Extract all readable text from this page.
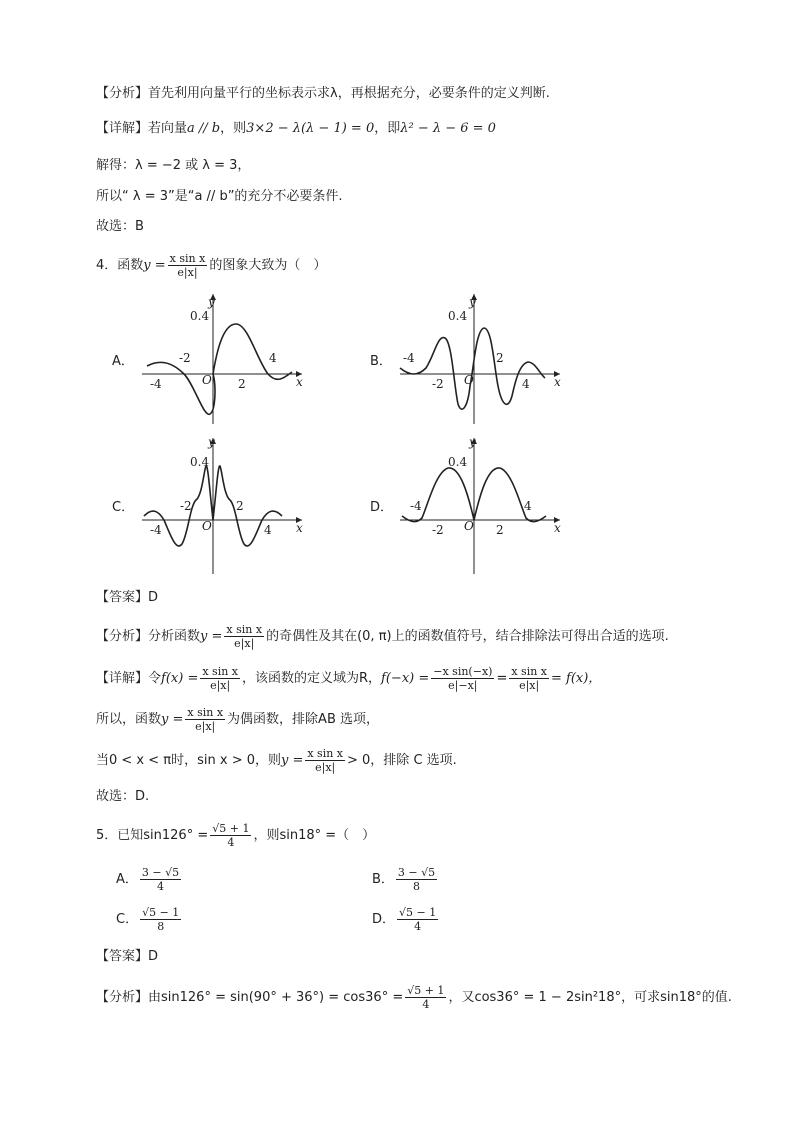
【分析】首先利用向量平行的坐标表示求λ，再根据充分，必要条件的定义判断.
【详解】若向量a // b，则3×2 − λ(λ − 1) = 0，即λ² − λ − 6 = 0
解得：λ = −2 或 λ = 3，
所以“ λ = 3”是“a // b”的充分不必要条件.
故选：B
4．函数$y = \frac{\text{x sin x}}{e|x|}$ 的图象大致为（　）
A．
y
x
O
0.4
-2	4
-4	2
B．
y
x
O
0.4
-4	2
-2	4
C．
y
x
O
0.4
-2	2
-4	4
D．
y
x
O
0.4
-4	4
-2	2
【答案】D
【分析】分析函数$y = \frac{\text{x sin x}}{e|x|}$ 的奇偶性及其在(0, π)上的函数值符号，结合排除法可得出合适的选项.
【详解】令$f(x) = \frac{\text{x sin x}}{e|x|}$ ，该函数的定义域为R，$f(-x) = \frac{\text{−x sin(−x)}}{e|-x|} = \frac{\text{x sin x}}{e|x|} = f(x)$，
所以，函数$y = \frac{\text{x sin x}}{e|x|}$ 为偶函数，排除AB 选项，
当0 < x < π时，sin x > 0，则$y = \frac{\text{x sin x}}{e|x|} > 0$，排除 C 选项.
故选：D.
5．已知$\sin 126^\circ = \frac{√5 + 1}{4}$ ，则sin18° =（　）
A． $\frac{3 - √5}{4}$	B． $\frac{3 - √5}{8}$
C． $\frac{√5 - 1}{8}$	D． $\frac{√5 - 1}{4}$
【答案】D
【分析】由$\sin 126^\circ = \sin(90^\circ + 36^\circ) = \cos 36^\circ = \frac{√5 + 1}{4}$ ，又cos36° = 1 − 2sin²18°，可求sin18°的值.
